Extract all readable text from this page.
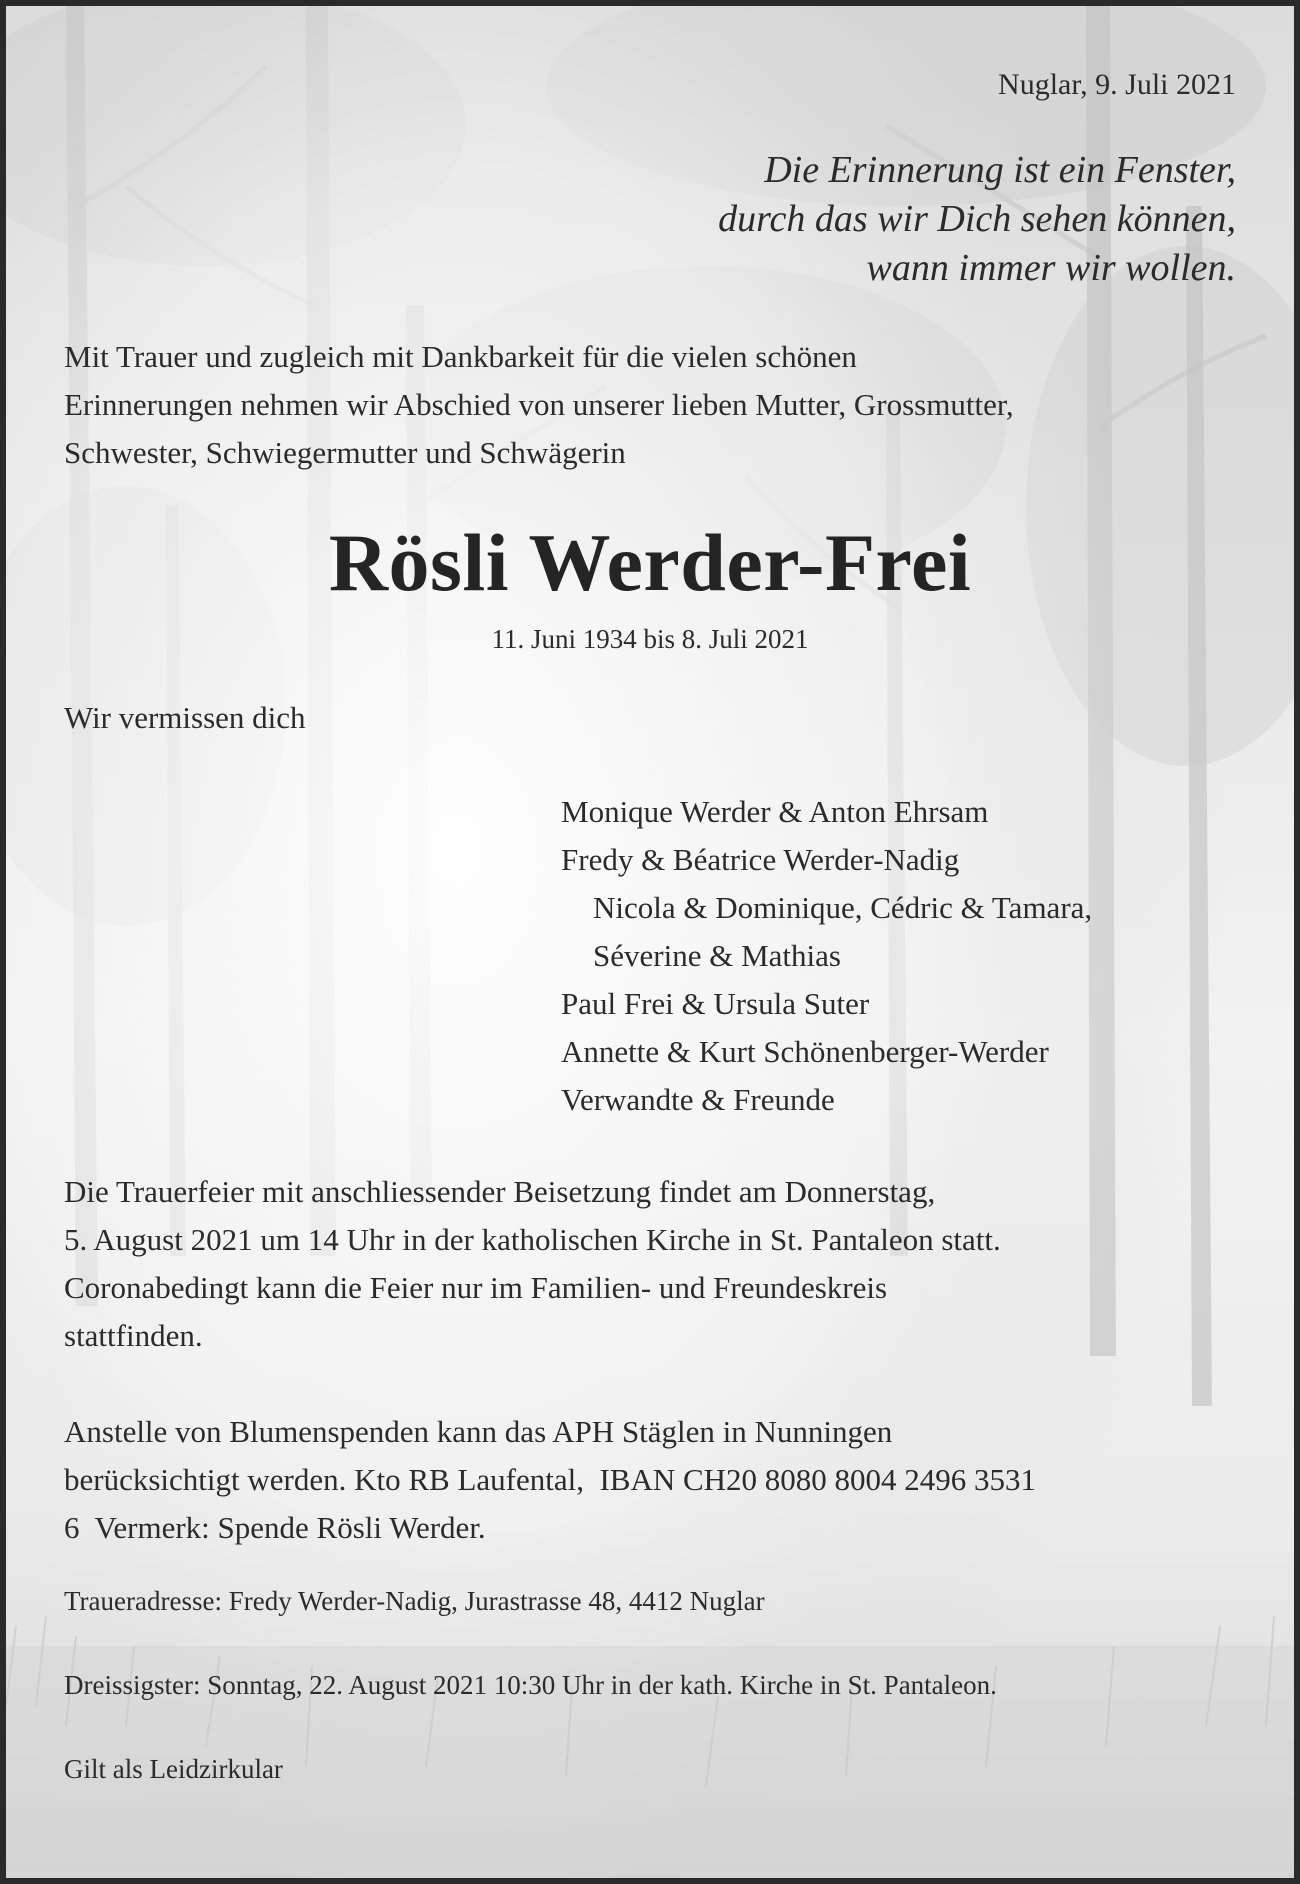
Nuglar, 9. Juli 2021
Die Erinnerung ist ein Fenster,
durch das wir Dich sehen können,
wann immer wir wollen.
Mit Trauer und zugleich mit Dankbarkeit für die vielen schönen
Erinnerungen nehmen wir Abschied von unserer lieben Mutter, Grossmutter,
Schwester, Schwiegermutter und Schwägerin
Rösli Werder-Frei
11. Juni 1934 bis 8. Juli 2021
Wir vermissen dich
Monique Werder & Anton Ehrsam
Fredy & Béatrice Werder-Nadig
Nicola & Dominique, Cédric & Tamara,
Séverine & Mathias
Paul Frei & Ursula Suter
Annette & Kurt Schönenberger-Werder
Verwandte & Freunde
Die Trauerfeier mit anschliessender Beisetzung findet am Donnerstag,
5. August 2021 um 14 Uhr in der katholischen Kirche in St. Pantaleon statt.
Coronabedingt kann die Feier nur im Familien- und Freundeskreis
stattfinden.
Anstelle von Blumenspenden kann das APH Stäglen in Nunningen
berücksichtigt werden. Kto RB Laufental,  IBAN CH20 8080 8004 2496 3531
6  Vermerk: Spende Rösli Werder.
Traueradresse: Fredy Werder-Nadig, Jurastrasse 48, 4412 Nuglar
Dreissigster: Sonntag, 22. August 2021 10:30 Uhr in der kath. Kirche in St. Pantaleon.
Gilt als Leidzirkular
